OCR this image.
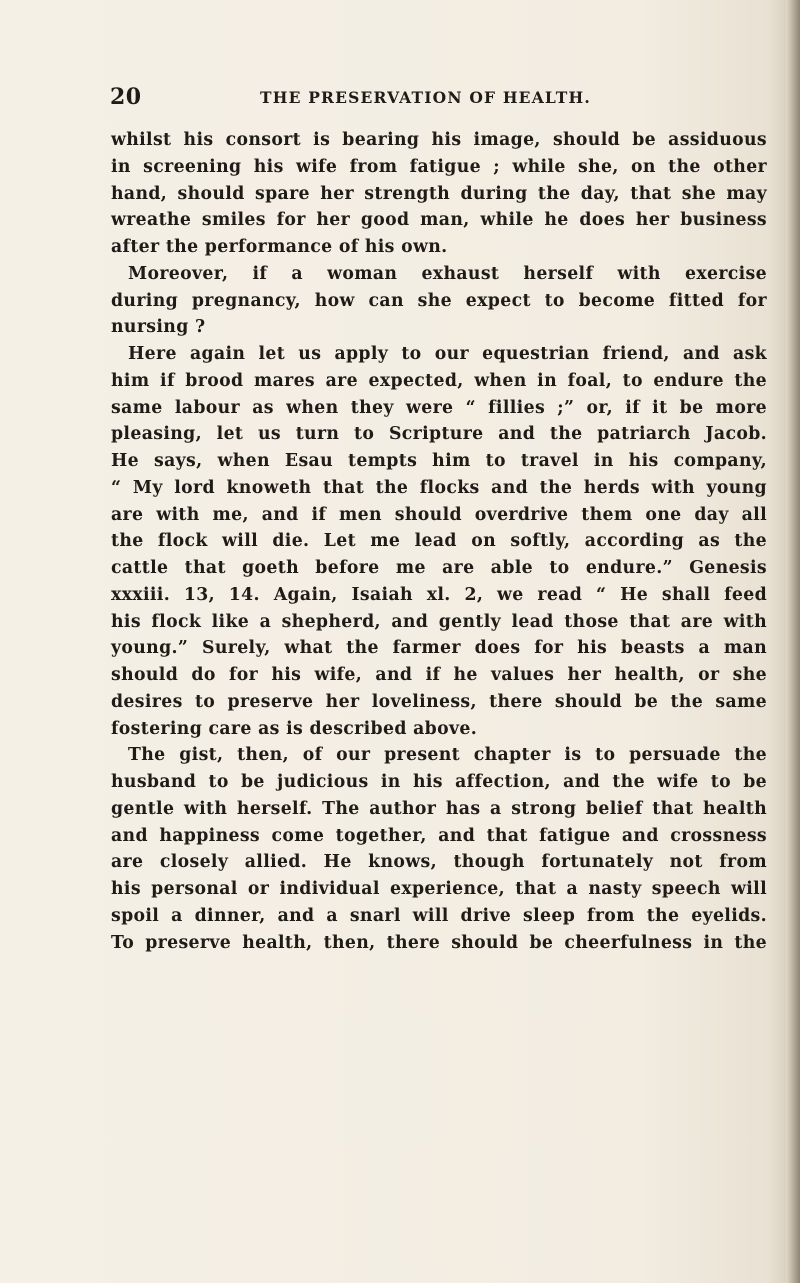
20	THE PRESERVATION OF HEALTH.
whilst his consort is bearing his image, should be assiduous
in screening his wife from fatigue ; while she, on the other
hand, should spare her strength during the day, that she may
wreathe smiles for her good man, while he does her business
after the performance of his own.
Moreover, if a woman exhaust herself with exercise
during pregnancy, how can she expect to become fitted for
nursing ?
Here again let us apply to our equestrian friend, and ask
him if brood mares are expected, when in foal, to endure the
same labour as when they were “ fillies ;” or, if it be more
pleasing, let us turn to Scripture and the patriarch Jacob.
He says, when Esau tempts him to travel in his company,
“ My lord knoweth that the flocks and the herds with young
are with me, and if men should overdrive them one day all
the flock will die. Let me lead on softly, according as the
cattle that goeth before me are able to endure.” Genesis
xxxiii. 13, 14. Again, Isaiah xl. 2, we read “ He shall feed
his flock like a shepherd, and gently lead those that are with
young.” Surely, what the farmer does for his beasts a man
should do for his wife, and if he values her health, or she
desires to preserve her loveliness, there should be the same
fostering care as is described above.
The gist, then, of our present chapter is to persuade the
husband to be judicious in his affection, and the wife to be
gentle with herself. The author has a strong belief that health
and happiness come together, and that fatigue and crossness
are closely allied. He knows, though fortunately not from
his personal or individual experience, that a nasty speech will
spoil a dinner, and a snarl will drive sleep from the eyelids.
To preserve health, then, there should be cheerfulness in the
